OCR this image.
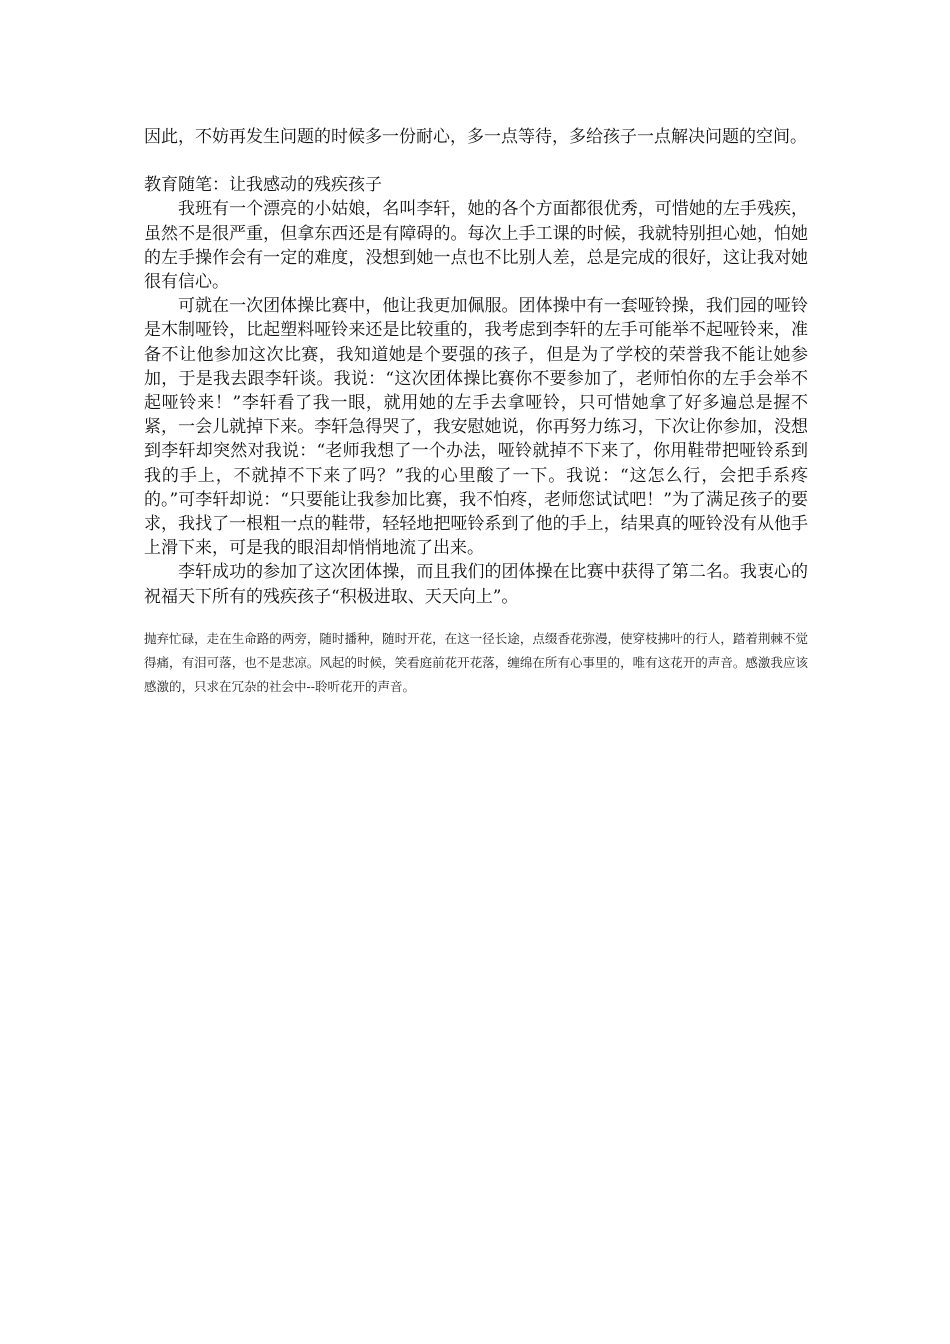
因此，不妨再发生问题的时候多一份耐心，多一点等待，多给孩子一点解决问题的空间。

教育随笔：让我感动的残疾孩子

我班有一个漂亮的小姑娘，名叫李轩，她的各个方面都很优秀，可惜她的左手残疾，虽然不是很严重，但拿东西还是有障碍的。每次上手工课的时候，我就特别担心她，怕她的左手操作会有一定的难度，没想到她一点也不比别人差，总是完成的很好，这让我对她很有信心。

可就在一次团体操比赛中，他让我更加佩服。团体操中有一套哑铃操，我们园的哑铃是木制哑铃，比起塑料哑铃来还是比较重的，我考虑到李轩的左手可能举不起哑铃来，准备不让他参加这次比赛，我知道她是个要强的孩子，但是为了学校的荣誉我不能让她参加，于是我去跟李轩谈。我说：“这次团体操比赛你不要参加了，老师怕你的左手会举不起哑铃来！”李轩看了我一眼，就用她的左手去拿哑铃，只可惜她拿了好多遍总是握不紧，一会儿就掉下来。李轩急得哭了，我安慰她说，你再努力练习，下次让你参加，没想到李轩却突然对我说：“老师我想了一个办法，哑铃就掉不下来了，你用鞋带把哑铃系到我的手上，不就掉不下来了吗？”我的心里酸了一下。我说：“这怎么行，会把手系疼的。”可李轩却说：“只要能让我参加比赛，我不怕疼，老师您试试吧！”为了满足孩子的要求，我找了一根粗一点的鞋带，轻轻地把哑铃系到了他的手上，结果真的哑铃没有从他手上滑下来，可是我的眼泪却悄悄地流了出来。

李轩成功的参加了这次团体操，而且我们的团体操在比赛中获得了第二名。我衷心的祝福天下所有的残疾孩子“积极进取、天天向上”。

抛弃忙碌，走在生命路的两旁，随时播种，随时开花，在这一径长途，点缀香花弥漫，使穿枝拂叶的行人，踏着荆棘不觉得痛，有泪可落，也不是悲凉。风起的时候，笑看庭前花开花落，缠绵在所有心事里的，唯有这花开的声音。感激我应该感激的，只求在冗杂的社会中--聆听花开的声音。
